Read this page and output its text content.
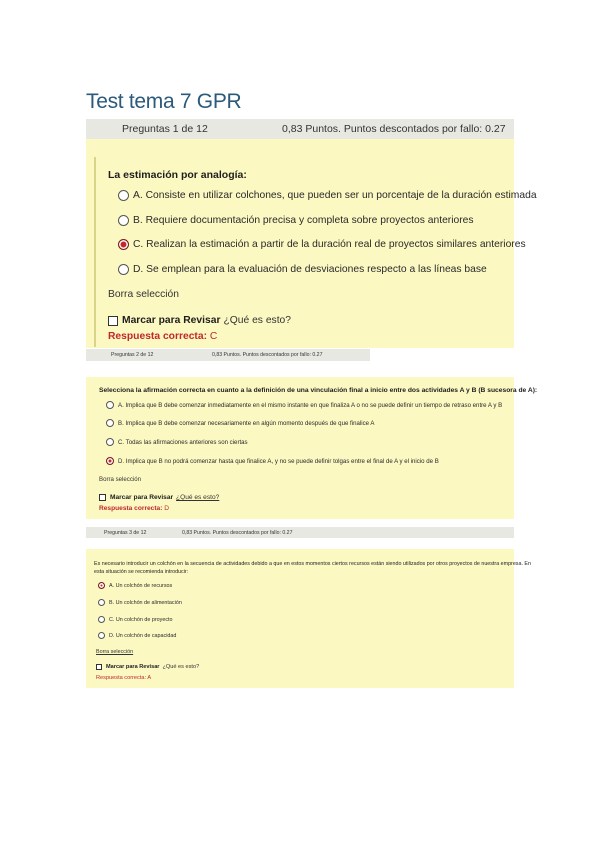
Test tema 7 GPR
Preguntas 1 de 12	0,83 Puntos. Puntos descontados por fallo: 0.27
La estimación por analogía:
A. Consiste en utilizar colchones, que pueden ser un porcentaje de la duración estimada
B. Requiere documentación precisa y completa sobre proyectos anteriores
C. Realizan la estimación a partir de la duración real de proyectos similares anteriores
D. Se emplean para la evaluación de desviaciones respecto a las líneas base
Borra selección
Marcar para Revisar ¿Qué es esto?
Respuesta correcta: C
Preguntas 2 de 12	0,83 Puntos. Puntos descontados por fallo: 0.27
Selecciona la afirmación correcta en cuanto a la definición de una vinculación final a inicio entre dos actividades A y B (B sucesora de A):
A. Implica que B debe comenzar inmediatamente en el mismo instante en que finaliza A o no se puede definir un tiempo de retraso entre A y B
B. Implica que B debe comenzar necesariamente en algún momento después de que finalice A
C. Todas las afirmaciones anteriores son ciertas
D. Implica que B no podrá comenzar hasta que finalice A, y no se puede definir tolgas entre el final de A y el inicio de B
Borra selección
Marcar para Revisar ¿Qué es esto?
Respuesta correcta: D
Preguntas 3 de 12	0,83 Puntos. Puntos descontados por fallo: 0.27
Es necesario introducir un colchón en la secuencia de actividades debido a que en estos momentos ciertos recursos están siendo utilizados por otros proyectos de nuestra empresa. En
esta situación se recomienda introducir:
A. Un colchón de recursos
B. Un colchón de alimentación
C. Un colchón de proyecto
D. Un colchón de capacidad
Borra selección
Marcar para Revisar ¿Qué es esto?
Respuesta correcta: A
